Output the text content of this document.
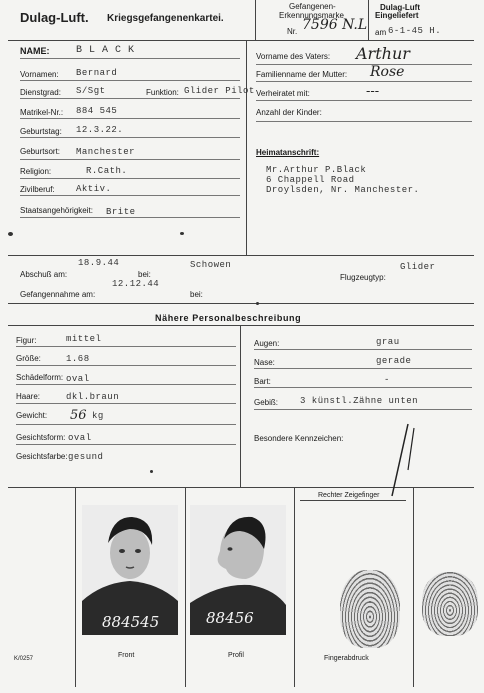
Dulag-Luft. Kriegsgefangenenkartei.
Gefangenen-
Erkennungsmarke
Nr. 7596 N.L
Dulag-Luft
Eingeliefert
am 6-1-45 H.
NAME:	B L A C K
Vornamen: Bernard
Dienstgrad: S/Sgt	Funktion: Glider Pilot
Matrikel-Nr.: 884 545
Geburtstag: 12.3.22.
Geburtsort: Manchester
Religion:	R.Cath.
Zivilberuf: Aktiv.
Staatsangehörigkeit: Brite
Vorname des Vaters: Arthur
Familienname der Mutter: Rose
Verheiratet mit:	---
Anzahl der Kinder:
Heimatanschrift:
Mr.Arthur P.Black
6 Chappell Road
Droylsden, Nr. Manchester.
18.9.44	Schowen	Glider
Abschuß am:	bei:	Flugzeugtyp:
12.12.44
Gefangennahme am:	bei:
Nähere Personalbeschreibung
Figur:	mittel
Größe:	1.68
Schädelform: oval
Haare:	dkl.braun
Gewicht: 56 kg
Gesichtsform: oval
Gesichtsfarbe: gesund
Augen:	grau
Nase:	gerade
Bart:	-
Gebiß: 3 künstl.Zähne unten
Besondere Kennzeichen:
884545	88456
Rechter Zeigefinger
Front	Profil	Fingerabdruck
K/0257
